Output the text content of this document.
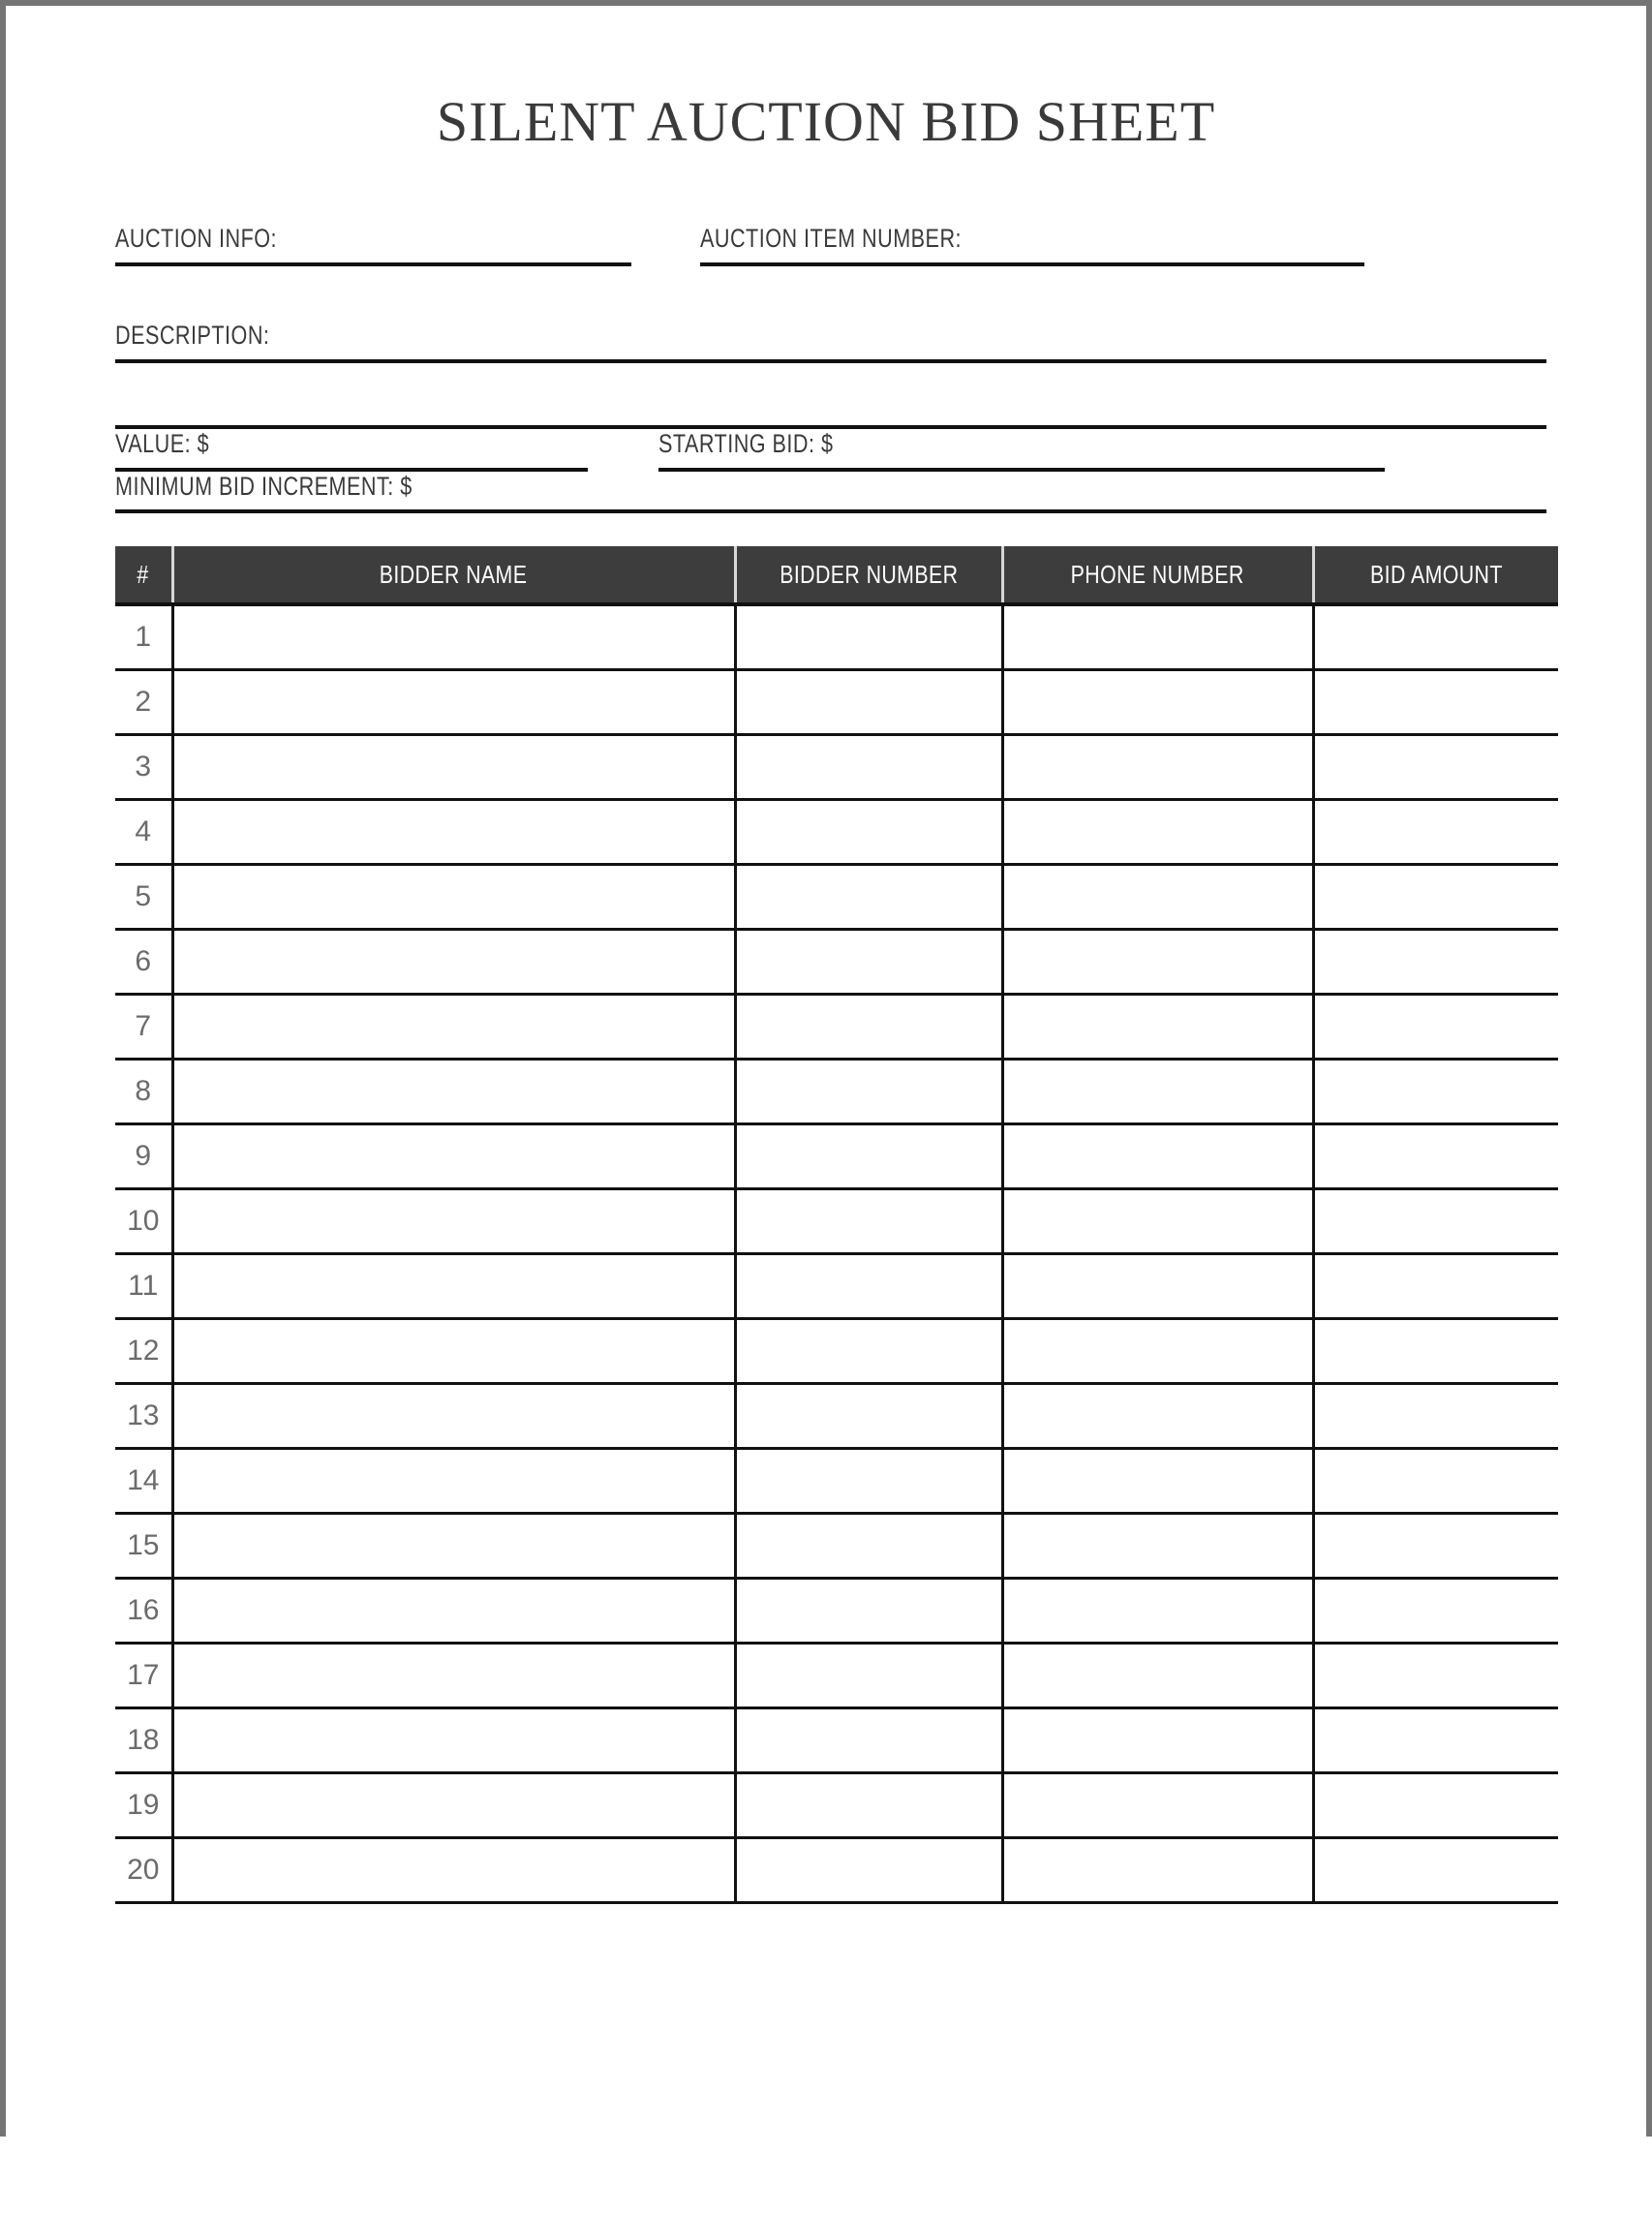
SILENT AUCTION BID SHEET
AUCTION INFO:	AUCTION ITEM NUMBER:
DESCRIPTION:
VALUE: $	STARTING BID: $
MINIMUM BID INCREMENT: $
#	BIDDER NAME	BIDDER NUMBER	PHONE NUMBER	BID AMOUNT
1				
2				
3				
4				
5				
6				
7				
8				
9				
10				
11				
12				
13				
14				
15				
16				
17				
18				
19				
20				
